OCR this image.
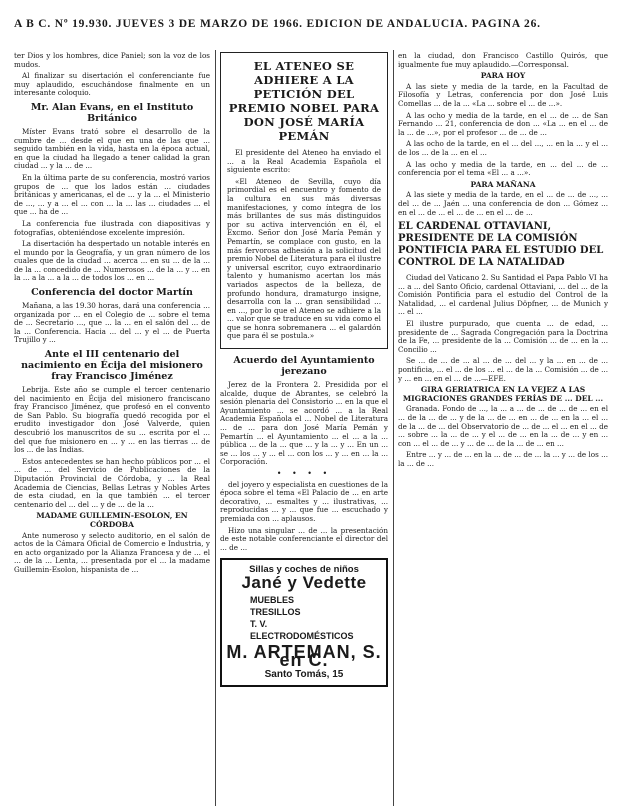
A B C. Nº 19.930. JUEVES 3 DE MARZO DE 1966. EDICION DE ANDALUCIA. PAGINA 26.

ter Dios y los hombres, dice Paniel; son la voz de los mudos.

Al finalizar su disertación el conferenciante fue muy aplaudido, escuchándose finalmente en un interesante coloquio.

Mr. Alan Evans, en el Instituto Británico

Míster Evans trató sobre el desarrollo de la cumbre de ... desde el que en una de las que ... seguido también en la vida, hasta en la época actual, en que la ciudad ha llegado a tener calidad la gran ciudad ... y la ... de ...

En la última parte de su conferencia, mostró varios grupos de ... que los lados están ... ciudades británicas y americanas, el de ... y la ... el Ministerio de ..., ... y a ... el ... con ... la ... las ... ciudades ... el que ... ha de ...

La conferencia fue ilustrada con diapositivas y fotografías, obteniéndose excelente impresión.

La disertación ha despertado un notable interés en el mundo por la Geografía, y un gran número de los cuales que de la ciudad ... acerca ... en su ... de la ... de la ... concedido de ... Numerosos ... de la ... y ... en la ... a la ... a la ... de todos los ... en ...

Conferencia del doctor Martín

Mañana, a las 19.30 horas, dará una conferencia ... organizada por ... en el Colegio de ... sobre el tema de ... Secretario ..., que ... la ... en el salón del ... de la ... Conferencia. Hacia ... del ... y el ... de Puerta Trujillo y ...

Ante el III centenario del nacimiento en Écija del misionero fray Francisco Jiménez

Lebrija. Este año se cumple el tercer centenario del nacimiento en Écija del misionero franciscano fray Francisco Jiménez, que profesó en el convento de San Pablo. Su biografía quedó recogida por el erudito investigador don José Valverde, quien descubrió los manuscritos de su ... escrita por el ... del que fue misionero en ... y ... en las tierras ... de los ... de las Indias.

Estos antecedentes se han hecho públicos por ... el ... de ... del Servicio de Publicaciones de la Diputación Provincial de Córdoba, y ... la Real Academia de Ciencias, Bellas Letras y Nobles Artes de esta ciudad, en la que también ... el tercer centenario del ... del ... y de ... de la ...

MADAME GUILLEMIN-ESOLON, EN CÓRDOBA

Ante numeroso y selecto auditorio, en el salón de actos de la Cámara Oficial de Comercio e Industria, y en acto organizado por la Alianza Francesa y de ... el ... de la ... Lenta, ... presentada por el ... la madame Guillemin-Esolon, hispanista de ...

EL ATENEO SE ADHIERE A LA PETICIÓN DEL PREMIO NOBEL PARA DON JOSÉ MARÍA PEMÁN

El presidente del Ateneo ha enviado el ... a la Real Academia Española el siguiente escrito:

«El Ateneo de Sevilla, cuyo día primordial es el encuentro y fomento de la cultura en sus más diversas manifestaciones, y como íntegra de los más brillantes de sus más distinguidos por su activa intervención en él, el Excmo. Señor don José María Pemán y Pemartín, se complace con gusto, en la más fervorosa adhesión a la solicitud del premio Nobel de Literatura para el ilustre y universal escritor, cuyo extraordinario talento y humanismo acertan los más variados aspectos de la belleza, de profundo hondura, dramaturgo insigne, desarrolla con la ... gran sensibilidad ... en ..., por lo que el Ateneo se adhiere a la ... valor que se traduce en su vida como el que se honra sobremanera ... el galardón que para él se postula.»

Acuerdo del Ayuntamiento jerezano

Jerez de la Frontera 2. Presidida por el alcalde, duque de Abrantes, se celebró la sesión plenaria del Consistorio ... en la que el Ayuntamiento ... se acordó ... a la Real Academia Española el ... Nobel de Literatura ... de ... para don José María Pemán y Pemartín ... el Ayuntamiento ... el ... a la ... pública ... de la ... que ... y la ... y ... En un ... se ... los ... y ... el ... con los ... y ... en ... la ... Corporación.

• • • •

del joyero y especialista en cuestiones de la época sobre el tema «El Palacio de ... en arte decorativo, ... esmaltes y ... ilustrativas, ... reproducidas ... y ... que fue ... escuchado y premiada con ... aplausos.

Hizo una singular ... de ... la presentación de este notable conferenciante el director del ... de ...

Sillas y coches de niños
Jané y Vedette
MUEBLES
TRESILLOS
T. V.
ELECTRODOMÉSTICOS
M. ARTEMAN, S. en C.
Santo Tomás, 15

en la ciudad, don Francisco Castillo Quirós, que igualmente fue muy aplaudido.—Corresponsal.

PARA HOY

A las siete y media de la tarde, en la Facultad de Filosofía y Letras, conferencia por don José Luis Comellas ... de la ... «La ... sobre el ... de ...».

A las ocho y media de la tarde, en el ... de ... de San Fernando ... 21, conferencia de don ... «La ... en el ... de la ... de ...», por el profesor ... de ... de ...

A las ocho de la tarde, en el ... del ..., ... en la ... y el ... de los ... de la ... en el ...

A las ocho y media de la tarde, en ... del ... de ... conferencia por el tema «El ... a ...».

PARA MAÑANA

A las siete y media de la tarde, en el ... de ... de ..., ... del ... de ... Jaén ... una conferencia de don ... Gómez ... en el ... de ... el ... de ... en el ... de ...

EL CARDENAL OTTAVIANI, PRESIDENTE DE LA COMISIÓN PONTIFICIA PARA EL ESTUDIO DEL CONTROL DE LA NATALIDAD

Ciudad del Vaticano 2. Su Santidad el Papa Pablo VI ha ... a ... del Santo Oficio, cardenal Ottaviani, ... del ... de la Comisión Pontificia para el estudio del Control de la Natalidad, ... el cardenal Julius Döpfner, ... de Munich y ... el ...

El ilustre purpurado, que cuenta ... de edad, ... presidente de ... Sagrada Congregación para la Doctrina de la Fe, ... presidente de la ... Comisión ... de ... en la ... Concilio ...

Se ... de ... de ... al ... de ... del ... y la ... en ... de ... pontificia, ... el ... de los ... el ... de la ... Comisión ... de ... y ... en ... en el ... de ...—EFE.

GIRA GERIATRICA EN LA VEJEZ A LAS MIGRACIONES GRANDES FERÍAS DE ... DEL ...

Granada. Fondo de ..., la ... a ... de ... de ... de ... en el ... de la ... de ... y de la ... de ... en ... de ... en la ... el ... de la ... de ... del Observatorio de ... de ... el ... en el ... de ... sobre ... la ... de ... y el ... de ... en la ... de ... y en ... con ... el ... de ... y ... de ... de la ... de ... en ...

Entre ... y ... de ... en la ... de ... de ... la ... y ... de los ... la ... de ...
